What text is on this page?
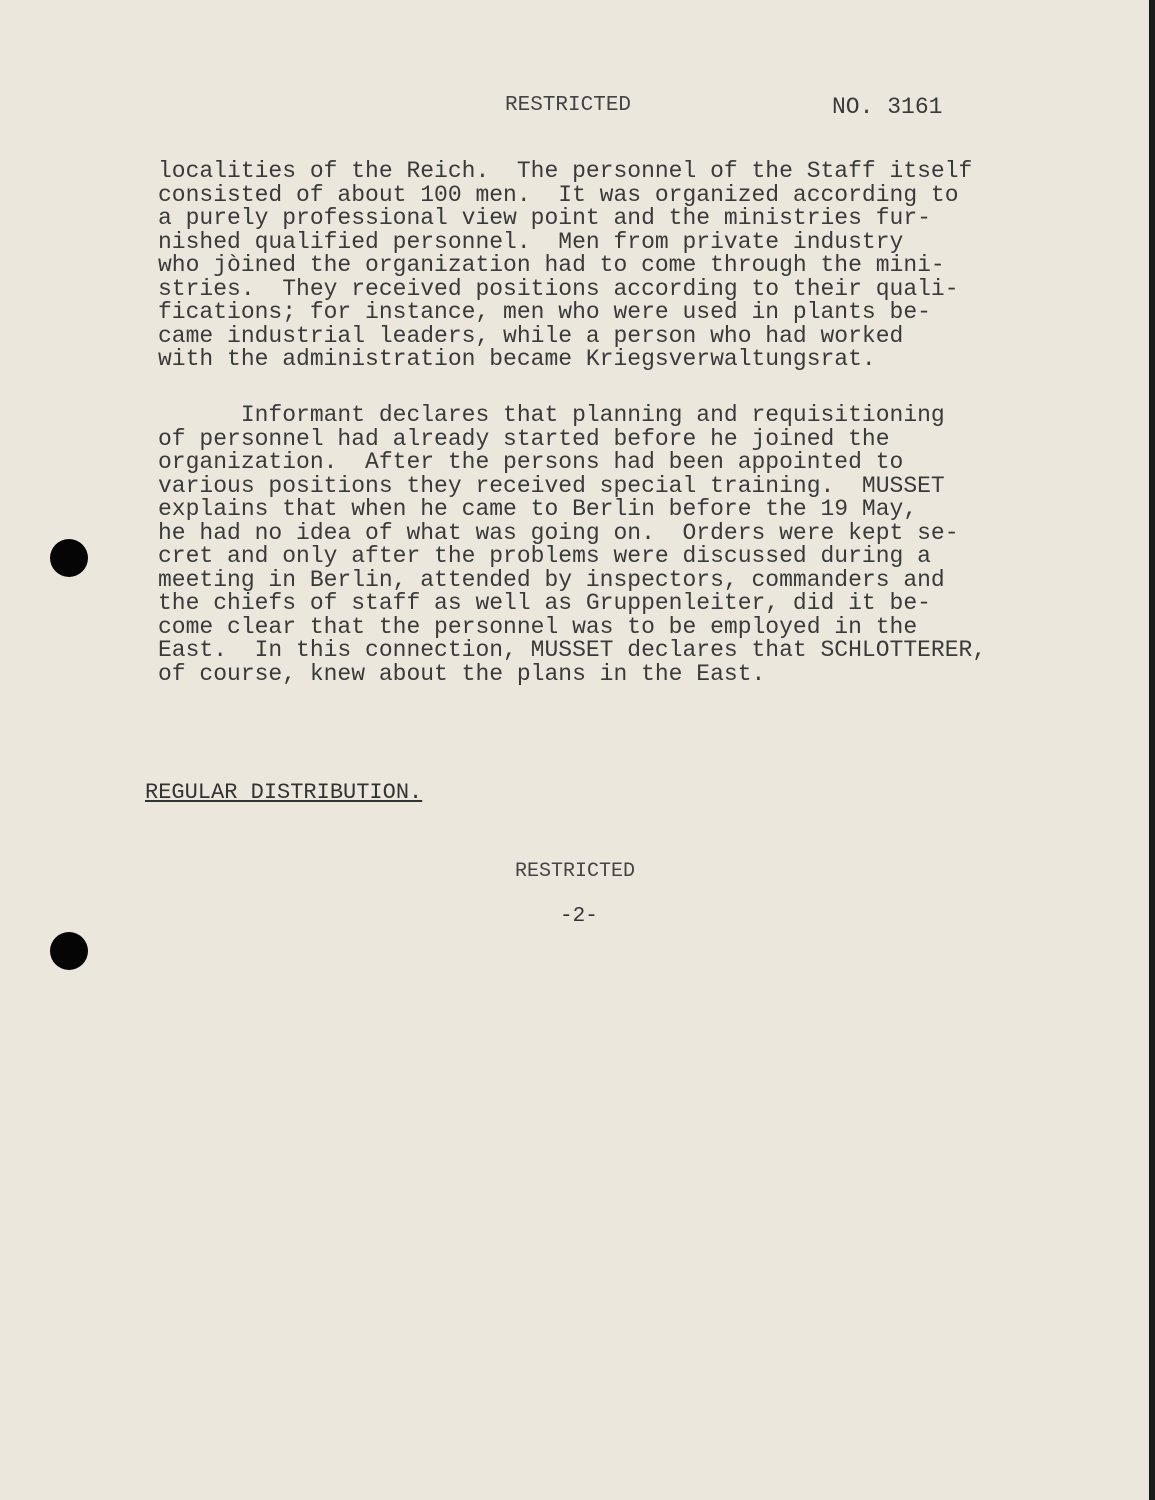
RESTRICTED	NO. 3161
localities of the Reich.  The personnel of the Staff itself
consisted of about 100 men.  It was organized according to
a purely professional view point and the ministries fur-
nished qualified personnel.  Men from private industry
who jòined the organization had to come through the mini-
stries.  They received positions according to their quali-
fications; for instance, men who were used in plants be-
came industrial leaders, while a person who had worked
with the administration became Kriegsverwaltungsrat.
Informant declares that planning and requisitioning
of personnel had already started before he joined the
organization.  After the persons had been appointed to
various positions they received special training.  MUSSET
explains that when he came to Berlin before the 19 May,
he had no idea of what was going on.  Orders were kept se-
cret and only after the problems were discussed during a
meeting in Berlin, attended by inspectors, commanders and
the chiefs of staff as well as Gruppenleiter, did it be-
come clear that the personnel was to be employed in the
East.  In this connection, MUSSET declares that SCHLOTTERER,
of course, knew about the plans in the East.
REGULAR DISTRIBUTION.
RESTRICTED
-2-
